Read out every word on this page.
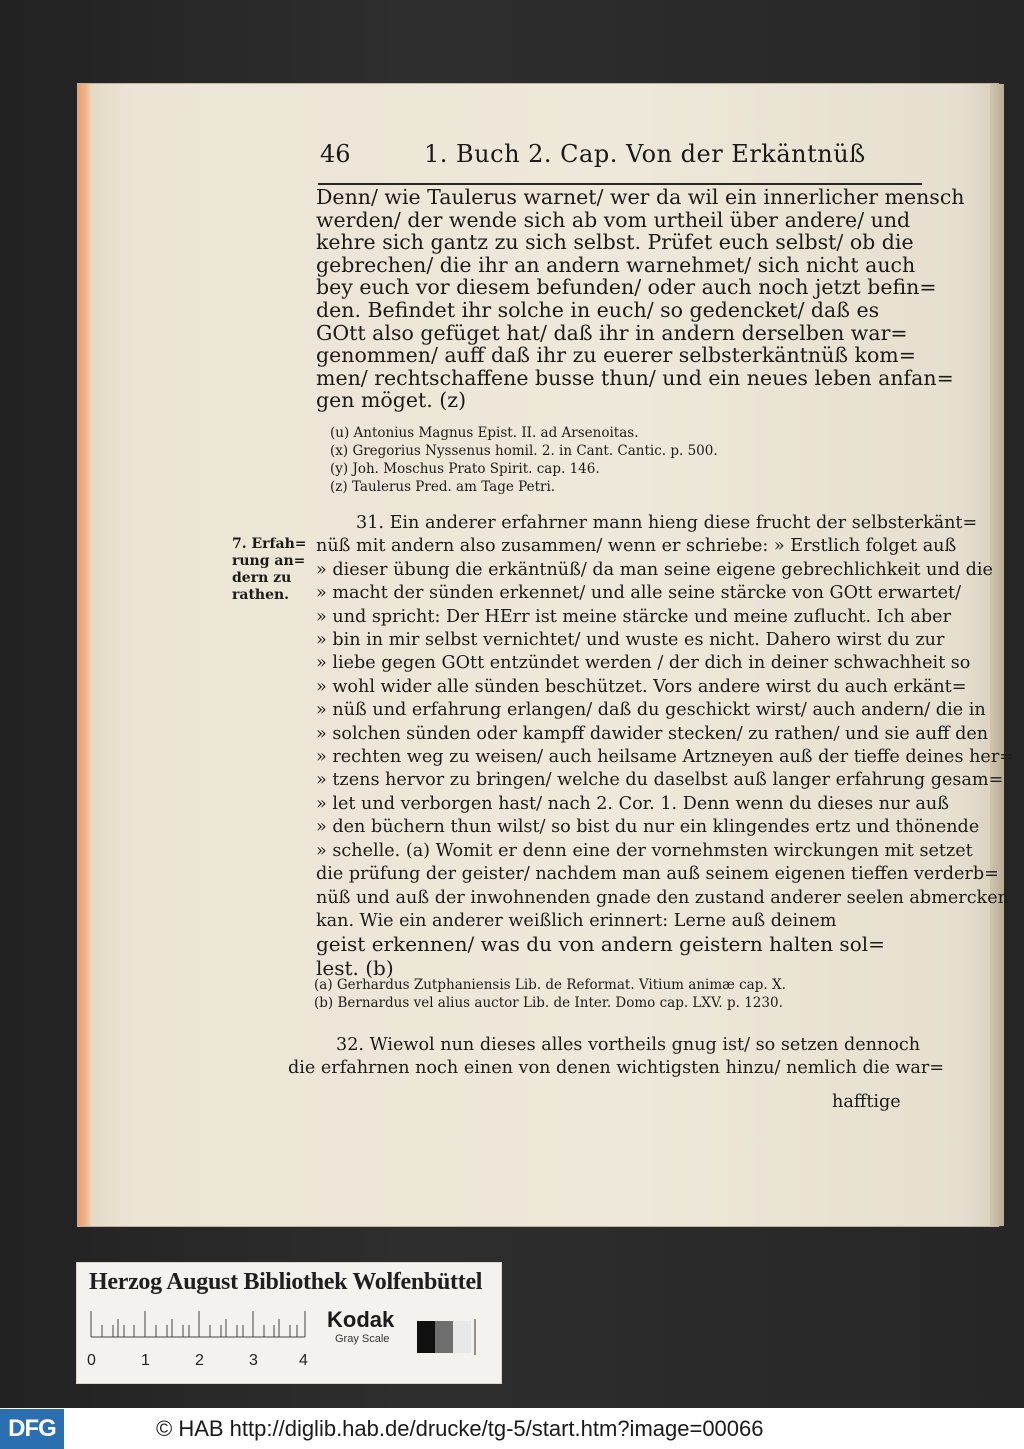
46	1. Buch 2. Cap. Von der Erkäntnüß
Denn/ wie Taulerus warnet/ wer da wil ein innerlicher mensch
werden/ der wende sich ab vom urtheil über andere/ und
kehre sich gantz zu sich selbst. Prüfet euch selbst/ ob die
gebrechen/ die ihr an andern warnehmet/ sich nicht auch
bey euch vor diesem befunden/ oder auch noch jetzt befin=
den. Befindet ihr solche in euch/ so gedencket/ daß es
GOtt also gefüget hat/ daß ihr in andern derselben war=
genommen/ auff daß ihr zu euerer selbsterkäntnüß kom=
men/ rechtschaffene busse thun/ und ein neues leben anfan=
gen möget. (z)
(u) Antonius Magnus Epist. II. ad Arsenoitas.
(x) Gregorius Nyssenus homil. 2. in Cant. Cantic. p. 500.
(y) Joh. Moschus Prato Spirit. cap. 146.
(z) Taulerus Pred. am Tage Petri.
7. Erfah=
rung an=
dern zu
rathen.
31. Ein anderer erfahrner mann hieng diese frucht der selbsterkänt=
nüß mit andern also zusammen/ wenn er schriebe: » Erstlich folget auß
» dieser übung die erkäntnüß/ da man seine eigene gebrechlichkeit und die
» macht der sünden erkennet/ und alle seine stärcke von GOtt erwartet/
» und spricht: Der HErr ist meine stärcke und meine zuflucht. Ich aber
» bin in mir selbst vernichtet/ und wuste es nicht. Dahero wirst du zur
» liebe gegen GOtt entzündet werden / der dich in deiner schwachheit so
» wohl wider alle sünden beschützet. Vors andere wirst du auch erkänt=
» nüß und erfahrung erlangen/ daß du geschickt wirst/ auch andern/ die in
» solchen sünden oder kampff dawider stecken/ zu rathen/ und sie auff den
» rechten weg zu weisen/ auch heilsame Artzneyen auß der tieffe deines her=
» tzens hervor zu bringen/ welche du daselbst auß langer erfahrung gesam=
» let und verborgen hast/ nach 2. Cor. 1. Denn wenn du dieses nur auß
» den büchern thun wilst/ so bist du nur ein klingendes ertz und thönende
» schelle. (a) Womit er denn eine der vornehmsten wirckungen mit setzet
die prüfung der geister/ nachdem man auß seinem eigenen tieffen verderb=
nüß und auß der inwohnenden gnade den zustand anderer seelen abmercken
kan. Wie ein anderer weißlich erinnert: Lerne auß deinem
geist erkennen/ was du von andern geistern halten sol=
lest. (b)
(a) Gerhardus Zutphaniensis Lib. de Reformat. Vitium animæ cap. X.
(b) Bernardus vel alius auctor Lib. de Inter. Domo cap. LXV. p. 1230.
32. Wiewol nun dieses alles vortheils gnug ist/ so setzen dennoch
die erfahrnen noch einen von denen wichtigsten hinzu/ nemlich die war=
hafftige
Herzog August Bibliothek Wolfenbüttel
0	1	2	3	4
Kodak
Gray Scale
DFG	© HAB http://diglib.hab.de/drucke/tg-5/start.htm?image=00066
